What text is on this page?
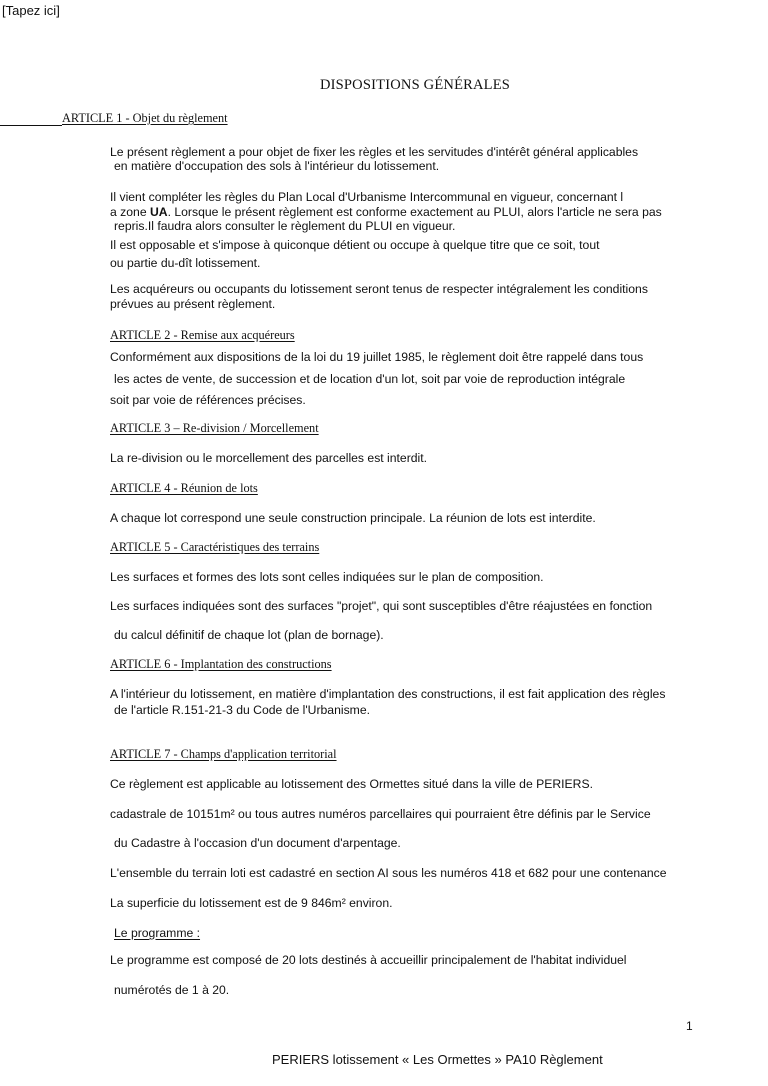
[Tapez ici]
DISPOSITIONS GÉNÉRALES
ARTICLE 1 - Objet du règlement
Le présent règlement a pour objet de fixer les règles et les servitudes d'intérêt général applicables
en matière d'occupation des sols à l'intérieur du lotissement.
Il vient compléter les règles du Plan Local d'Urbanisme Intercommunal en vigueur, concernant l
a zone UA. Lorsque le présent règlement est conforme exactement au PLUI, alors l'article ne sera pas
repris.Il faudra alors consulter le règlement du PLUI en vigueur.
Il est opposable et s'impose à quiconque détient ou occupe à quelque titre que ce soit, tout
ou partie du-dît lotissement.
Les acquéreurs ou occupants du lotissement seront tenus de respecter intégralement les conditions
prévues au présent règlement.
ARTICLE 2 - Remise aux acquéreurs
Conformément aux dispositions de la loi du 19 juillet 1985, le règlement doit être rappelé dans tous
les actes de vente, de succession et de location d'un lot, soit par voie de reproduction intégrale
soit par voie de références précises.
ARTICLE 3 – Re-division / Morcellement
La re-division ou le morcellement des parcelles est interdit.
ARTICLE 4 - Réunion de lots
A chaque lot correspond une seule construction principale. La réunion de lots est interdite.
ARTICLE 5 - Caractéristiques des terrains
Les surfaces et formes des lots sont celles indiquées sur le plan de composition.
Les surfaces indiquées sont des surfaces "projet", qui sont susceptibles d'être réajustées en fonction
du calcul définitif de chaque lot (plan de bornage).
ARTICLE 6 - Implantation des constructions
A l'intérieur du lotissement, en matière d'implantation des constructions, il est fait application des règles
de l'article R.151-21-3 du Code de l'Urbanisme.
ARTICLE 7 - Champs d'application territorial
Ce règlement est applicable au lotissement des Ormettes situé dans la ville de PERIERS.
cadastrale de 10151m² ou tous autres numéros parcellaires qui pourraient être définis par le Service
du Cadastre à l'occasion d'un document d'arpentage.
L'ensemble du terrain loti est cadastré en section AI sous les numéros 418 et 682 pour une contenance
La superficie du lotissement est de 9 846m² environ.
Le programme :
Le programme est composé de 20 lots destinés à accueillir principalement de l'habitat individuel
numérotés de 1 à 20.
1
PERIERS lotissement « Les Ormettes » PA10 Règlement
